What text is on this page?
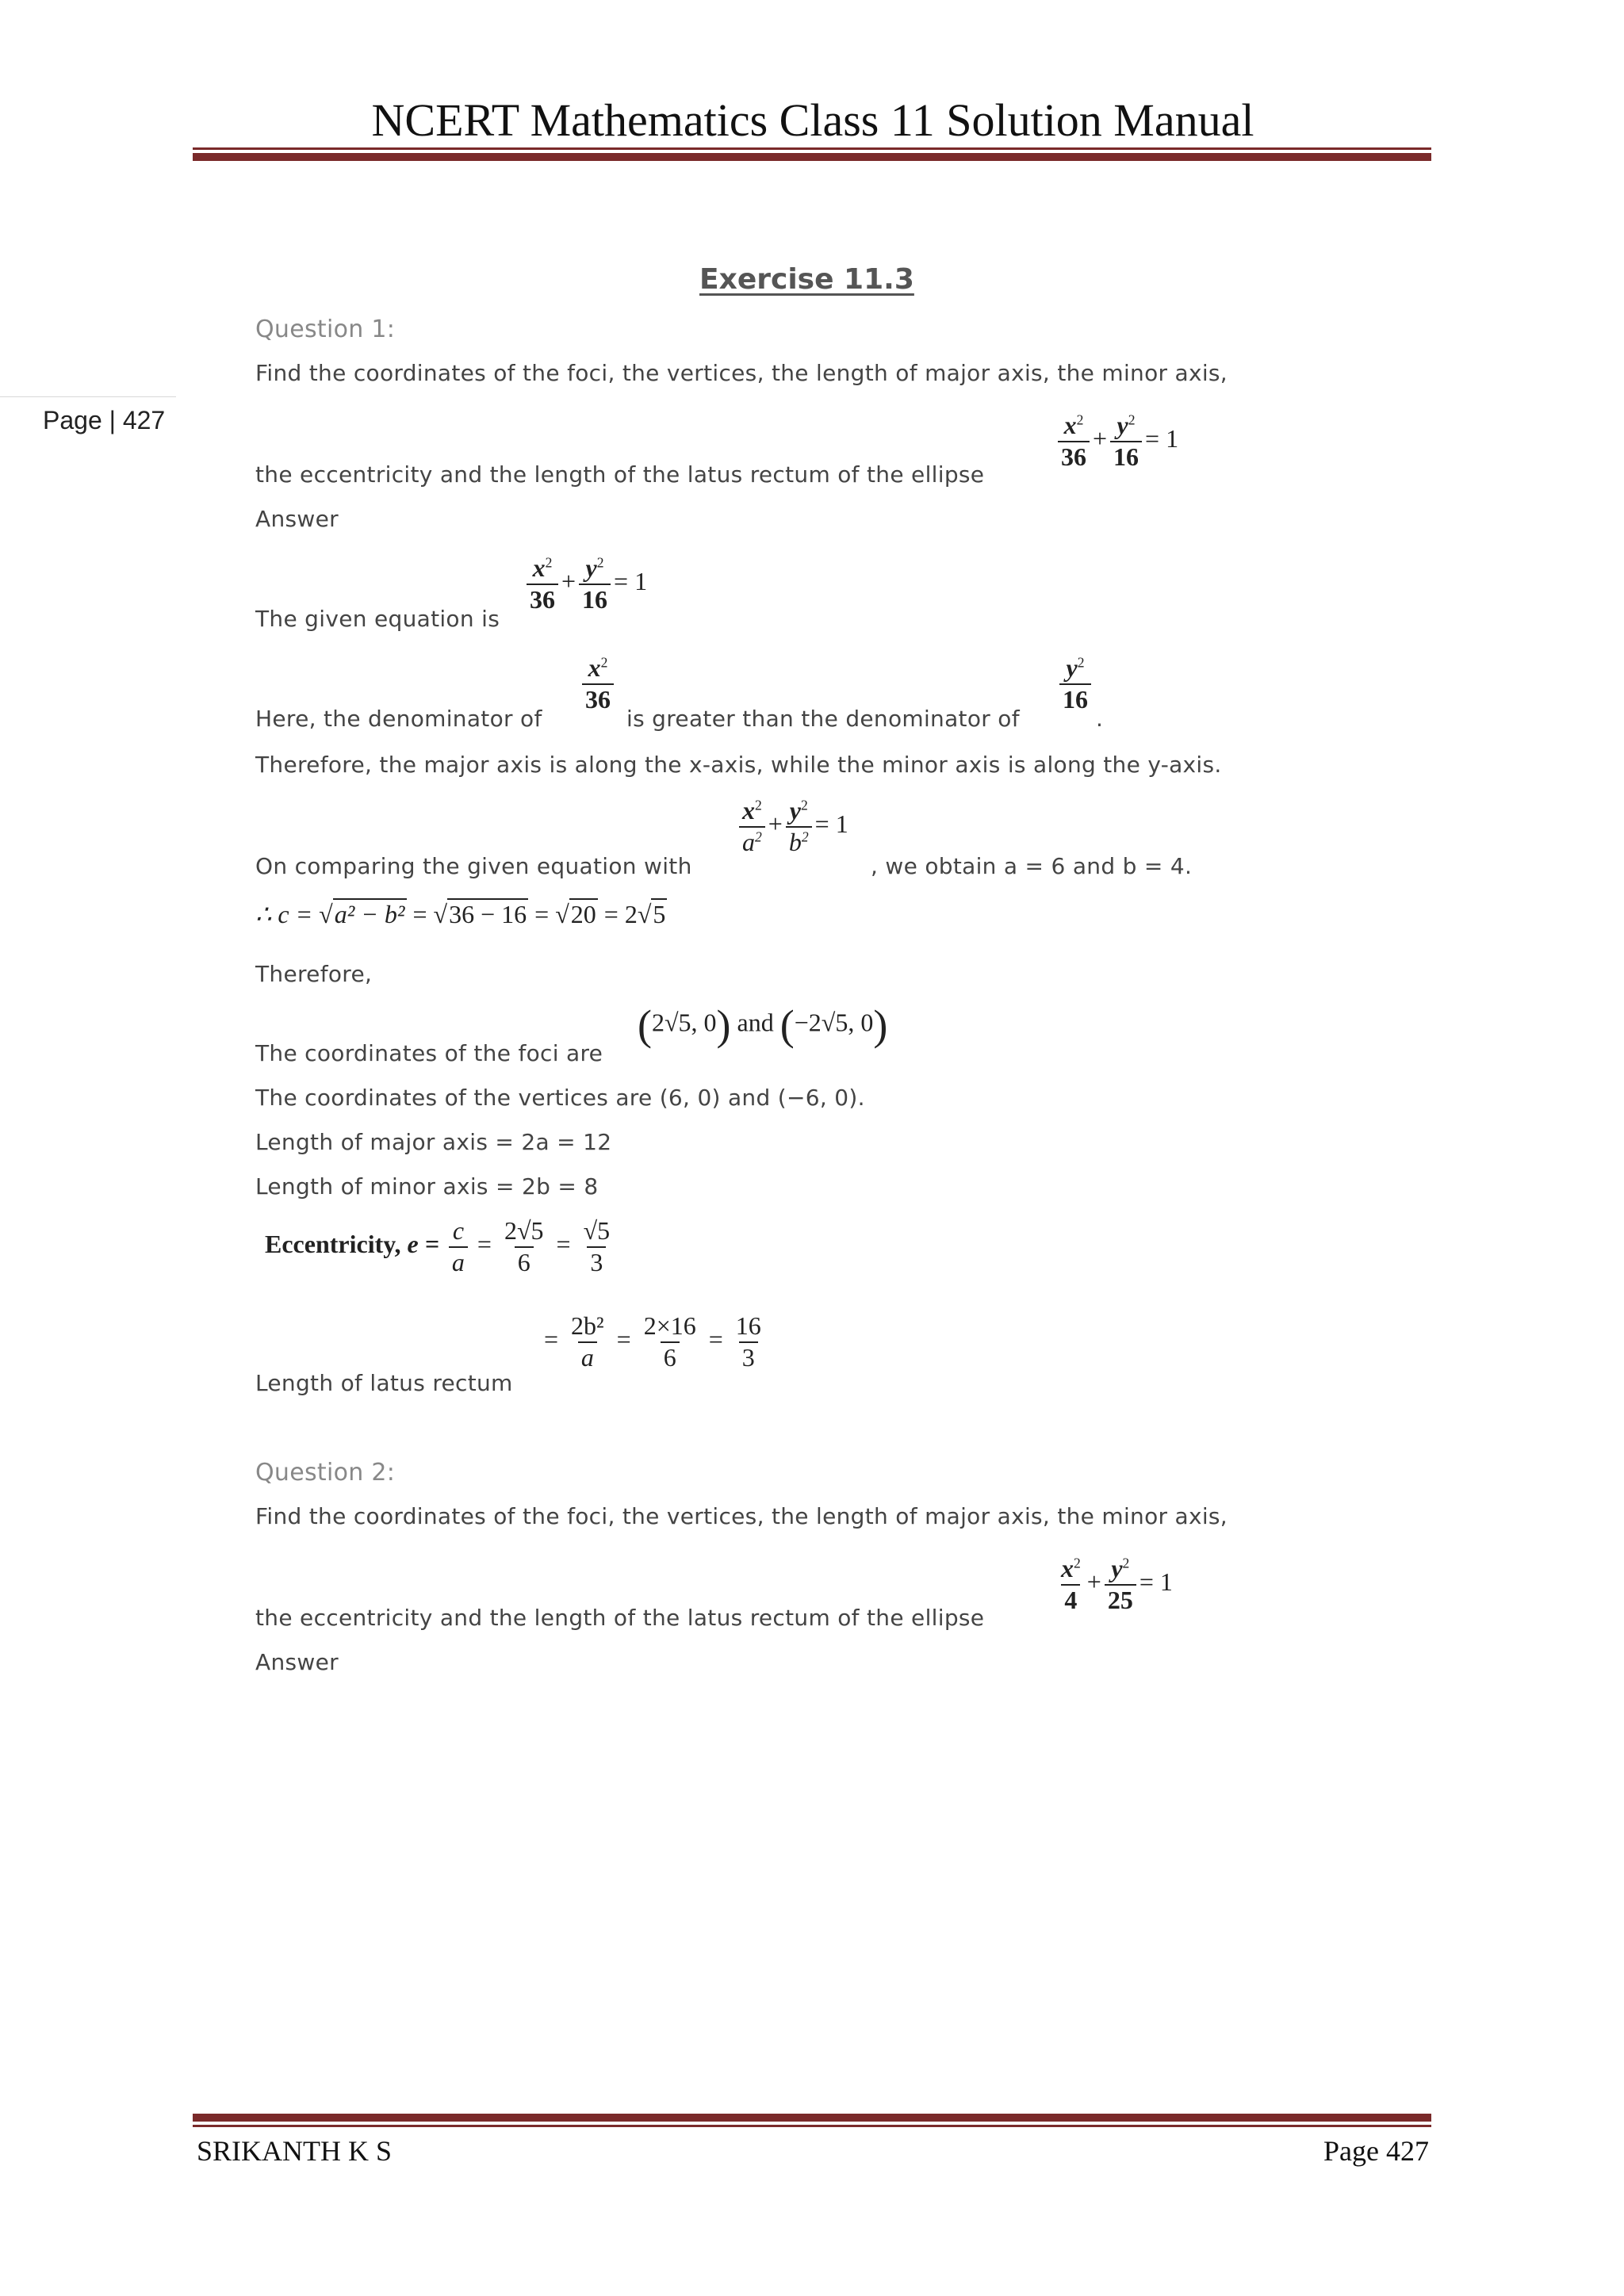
NCERT Mathematics Class 11 Solution Manual
Page | 427
Exercise 11.3
Question 1:
Find the coordinates of the foci, the vertices, the length of major axis, the minor axis,
the eccentricity and the length of the latus rectum of the ellipse
$\frac{x^2}{36} + \frac{y^2}{16} = 1$
Answer
The given equation is
$\frac{x^2}{36} + \frac{y^2}{16} = 1$
Here, the denominator of
$\frac{x^2}{36}$
is greater than the denominator of
$\frac{y^2}{16}$
.
Therefore, the major axis is along the x-axis, while the minor axis is along the y-axis.
On comparing the given equation with
$\frac{x^2}{a^2} + \frac{y^2}{b^2} = 1$
, we obtain a = 6 and b = 4.
∴ c = √a² − b² = √36 − 16 = √20 = 2√5
Therefore,
The coordinates of the foci are
(2√5, 0) and (−2√5, 0)
The coordinates of the vertices are (6, 0) and (−6, 0).
Length of major axis = 2a = 12
Length of minor axis = 2b = 8
Eccentricity, $e = \frac{c}{a} = \frac{2√5}{6} = \frac{√5}{3}$
Length of latus rectum
= $\frac{\text{2b²}}{a} = \frac{2\times 16}{6} = \frac{16}{3}$
Question 2:
Find the coordinates of the foci, the vertices, the length of major axis, the minor axis,
the eccentricity and the length of the latus rectum of the ellipse
$\frac{x^2}{4} + \frac{y^2}{25} = 1$
Answer
SRIKANTH K S	Page 427
